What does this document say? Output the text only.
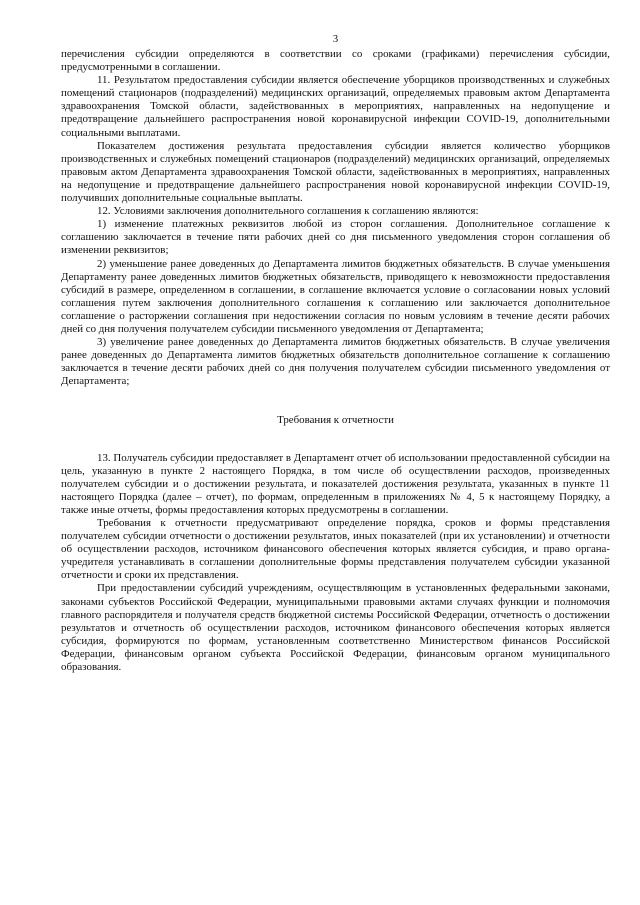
3

перечисления субсидии определяются в соответствии со сроками (графиками) перечисления субсидии, предусмотренными в соглашении.

11. Результатом предоставления субсидии является обеспечение уборщиков производственных и служебных помещений стационаров (подразделений) медицинских организаций, определяемых правовым актом Департамента здравоохранения Томской области, задействованных в мероприятиях, направленных на недопущение и предотвращение дальнейшего распространения новой коронавирусной инфекции COVID-19, дополнительными социальными выплатами.

Показателем достижения результата предоставления субсидии является количество уборщиков производственных и служебных помещений стационаров (подразделений) медицинских организаций, определяемых правовым актом Департамента здравоохранения Томской области, задействованных в мероприятиях, направленных на недопущение и предотвращение дальнейшего распространения новой коронавирусной инфекции COVID-19, получивших дополнительные социальные выплаты.

12. Условиями заключения дополнительного соглашения к соглашению являются:

1) изменение платежных реквизитов любой из сторон соглашения. Дополнительное соглашение к соглашению заключается в течение пяти рабочих дней со дня письменного уведомления сторон соглашения об изменении реквизитов;

2) уменьшение ранее доведенных до Департамента лимитов бюджетных обязательств. В случае уменьшения Департаменту ранее доведенных лимитов бюджетных обязательств, приводящего к невозможности предоставления субсидий в размере, определенном в соглашении, в соглашение включается условие о согласовании новых условий соглашения путем заключения дополнительного соглашения к соглашению или заключается дополнительное соглашение о расторжении соглашения при недостижении согласия по новым условиям в течение десяти рабочих дней со дня получения получателем субсидии письменного уведомления от Департамента;

3) увеличение ранее доведенных до Департамента лимитов бюджетных обязательств. В случае увеличения ранее доведенных до Департамента лимитов бюджетных обязательств дополнительное соглашение к соглашению заключается в течение десяти рабочих дней со дня получения получателем субсидии письменного уведомления от Департамента;

Требования к отчетности

13. Получатель субсидии предоставляет в Департамент отчет об использовании предоставленной субсидии на цель, указанную в пункте 2 настоящего Порядка, в том числе об осуществлении расходов, произведенных получателем субсидии и о достижении результата, и показателей достижения результата, указанных в пункте 11 настоящего Порядка (далее – отчет), по формам, определенным в приложениях № 4, 5 к настоящему Порядку, а также иные отчеты, формы предоставления которых предусмотрены в соглашении.

Требования к отчетности предусматривают определение порядка, сроков и формы представления получателем субсидии отчетности о достижении результатов, иных показателей (при их установлении) и отчетности об осуществлении расходов, источником финансового обеспечения которых является субсидия, и право органа-учредителя устанавливать в соглашении дополнительные формы представления получателем субсидии указанной отчетности и сроки их представления.

При предоставлении субсидий учреждениям, осуществляющим в установленных федеральными законами, законами субъектов Российской Федерации, муниципальными правовыми актами случаях функции и полномочия главного распорядителя и получателя средств бюджетной системы Российской Федерации, отчетность о достижении результатов и отчетность об осуществлении расходов, источником финансового обеспечения которых является субсидия, формируются по формам, установленным соответственно Министерством финансов Российской Федерации, финансовым органом субъекта Российской Федерации, финансовым органом муниципального образования.
